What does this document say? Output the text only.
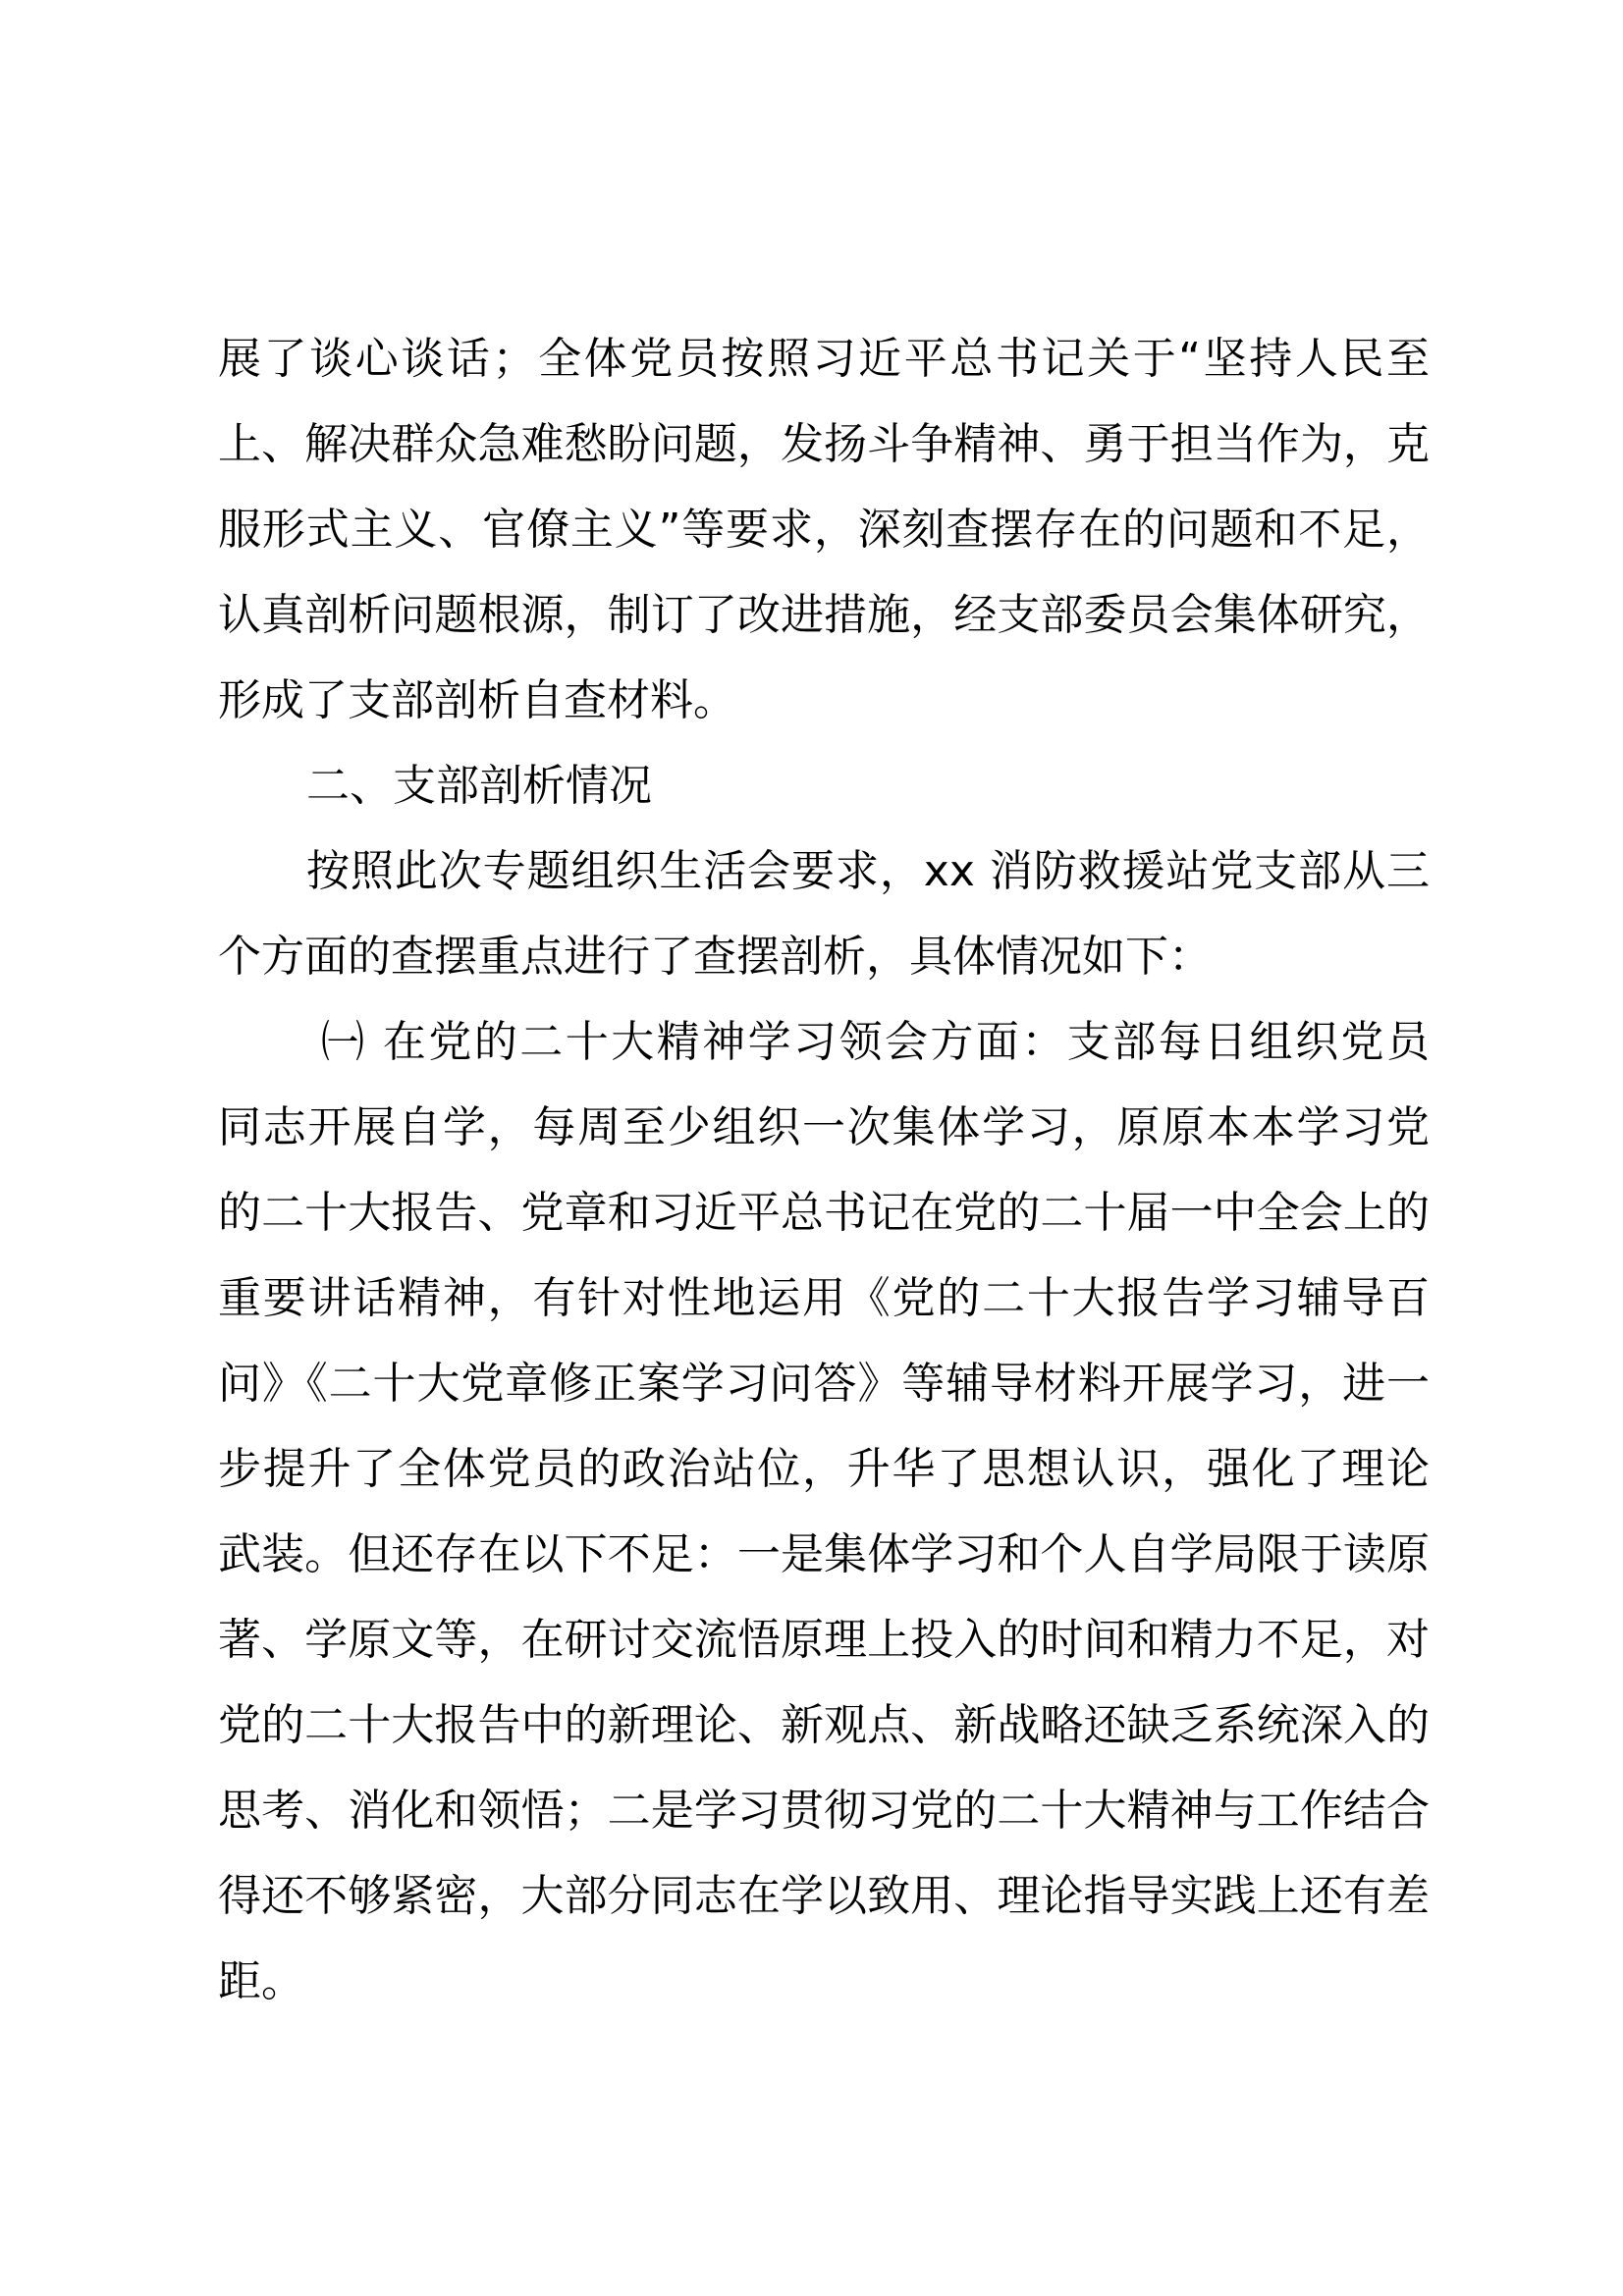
展了谈心谈话；全体党员按照习近平总书记关于“坚持人民至
上、解决群众急难愁盼问题，发扬斗争精神、勇于担当作为，克
服形式主义、官僚主义”等要求，深刻查摆存在的问题和不足，
认真剖析问题根源，制订了改进措施，经支部委员会集体研究，
形成了支部剖析自查材料。
二、支部剖析情况
按照此次专题组织生活会要求，xx 消防救援站党支部从三
个方面的查摆重点进行了查摆剖析，具体情况如下：
㈠ 在党的二十大精神学习领会方面：支部每日组织党员
同志开展自学，每周至少组织一次集体学习，原原本本学习党
的二十大报告、党章和习近平总书记在党的二十届一中全会上的
重要讲话精神，有针对性地运用《党的二十大报告学习辅导百
问》《二十大党章修正案学习问答》等辅导材料开展学习，进一
步提升了全体党员的政治站位，升华了思想认识，强化了理论
武装。但还存在以下不足：一是集体学习和个人自学局限于读原
著、学原文等，在研讨交流悟原理上投入的时间和精力不足，对
党的二十大报告中的新理论、新观点、新战略还缺乏系统深入的
思考、消化和领悟；二是学习贯彻习党的二十大精神与工作结合
得还不够紧密，大部分同志在学以致用、理论指导实践上还有差
距。
